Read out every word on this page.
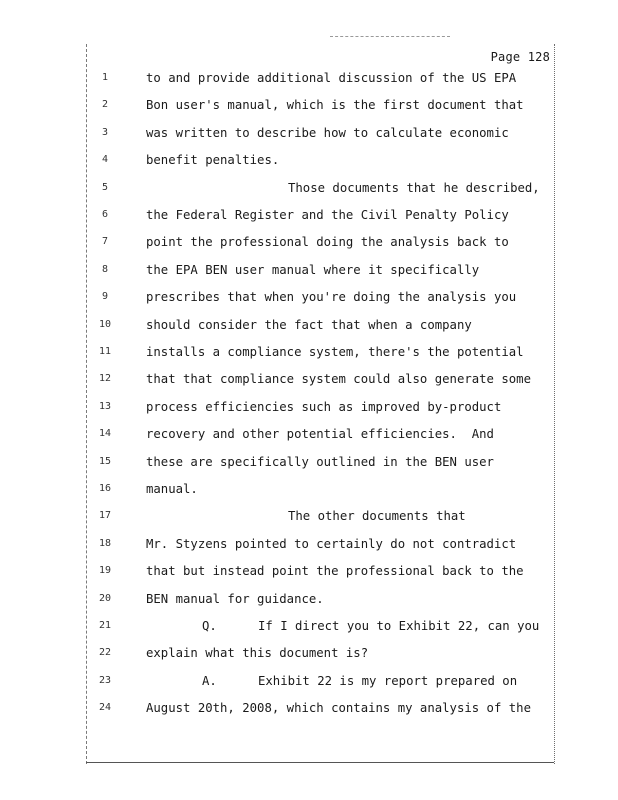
Page 128
1	to and provide additional discussion of the US EPA
2	Bon user's manual, which is the first document that
3	was written to describe how to calculate economic
4	benefit penalties.
5	Those documents that he described,
6	the Federal Register and the Civil Penalty Policy
7	point the professional doing the analysis back to
8	the EPA BEN user manual where it specifically
9	prescribes that when you're doing the analysis you
10	should consider the fact that when a company
11	installs a compliance system, there's the potential
12	that that compliance system could also generate some
13	process efficiencies such as improved by-product
14	recovery and other potential efficiencies.  And
15	these are specifically outlined in the BEN user
16	manual.
17	The other documents that
18	Mr. Styzens pointed to certainly do not contradict
19	that but instead point the professional back to the
20	BEN manual for guidance.
21	Q.	If I direct you to Exhibit 22, can you
22	explain what this document is?
23	A.	Exhibit 22 is my report prepared on
24	August 20th, 2008, which contains my analysis of the
